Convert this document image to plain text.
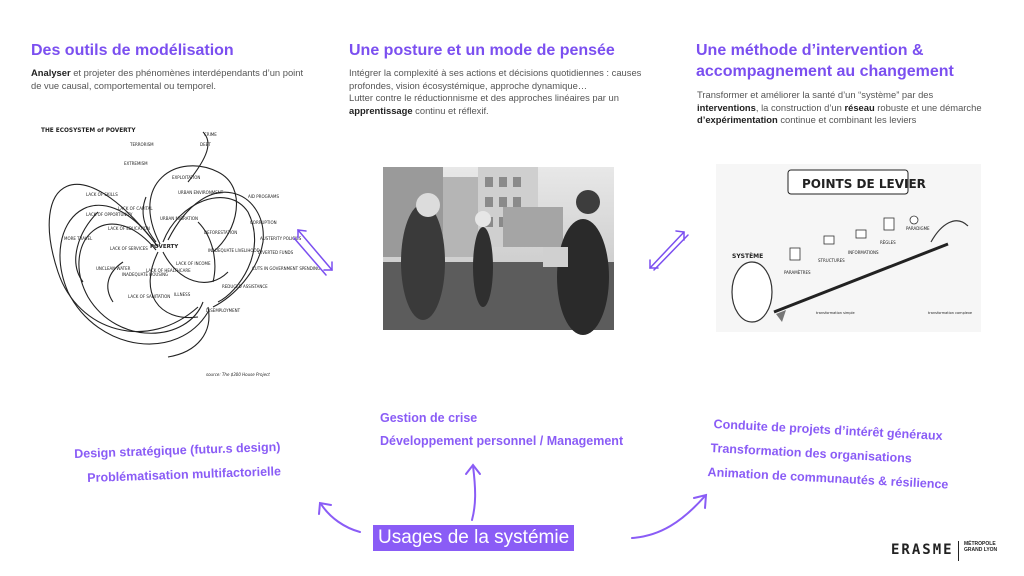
Des outils de modélisation
Analyser et projeter des phénomènes interdépendants d’un point de vue causal, comportemental ou temporel.
THE ECOSYSTEM of POVERTY
CRIME
TERRORISM
EXTREMISM
EXPLOITATION
URBAN ENVIRONMENT
URBAN MIGRATION
LACK OF CAPITAL
LACK OF OPPORTUNITY
LACK OF EDUCATION
LACK OF SERVICES
UNCLEAN WATER
INADEQUATE HOUSING
LACK OF HEALTHCARE
LACK OF SANITATION ILLNESS
DISEMPLOYMENT
LACK OF INCOME
DEFORESTATION
INADEQUATE LIVELIHOOD
CORRUPTION
AID PROGRAMS
AUSTERITY POLICIES
DIVERTED FUNDS
CUTS IN GOVERNMENT SPENDING
REDUCED ASSISTANCE
DEBT
MORE TRAVEL
LACK OF SKILLS
POVERTY
source: The $300 House Project
Une posture et un mode de pensée
Intégrer la complexité à ses actions et décisions quotidiennes : causes profondes, vision écosystémique, approche dynamique…
Lutter contre le réductionnisme et des approches linéaires par un apprentissage continu et réflexif.
Une méthode d’intervention & accompagnement au changement
Transformer et améliorer la santé d’un “système” par des interventions, la construction d’un réseau robuste et une démarche d’expérimentation continue et combinant les leviers
POINTS DE LEVIER
SYSTÈME
PARAMÈTRES
STRUCTURES
INFORMATIONS
RÈGLES
PARADIGME
transformation simple	transformation complexe
Gestion de crise
Développement personnel / Management
Design stratégique (futur.s design)
Problématisation multifactorielle
Conduite de projets d’intérêt généraux
Transformation des organisations
Animation de communautés & résilience
Usages de la systémie
ERASME MÉTROPOLE GRAND LYON
